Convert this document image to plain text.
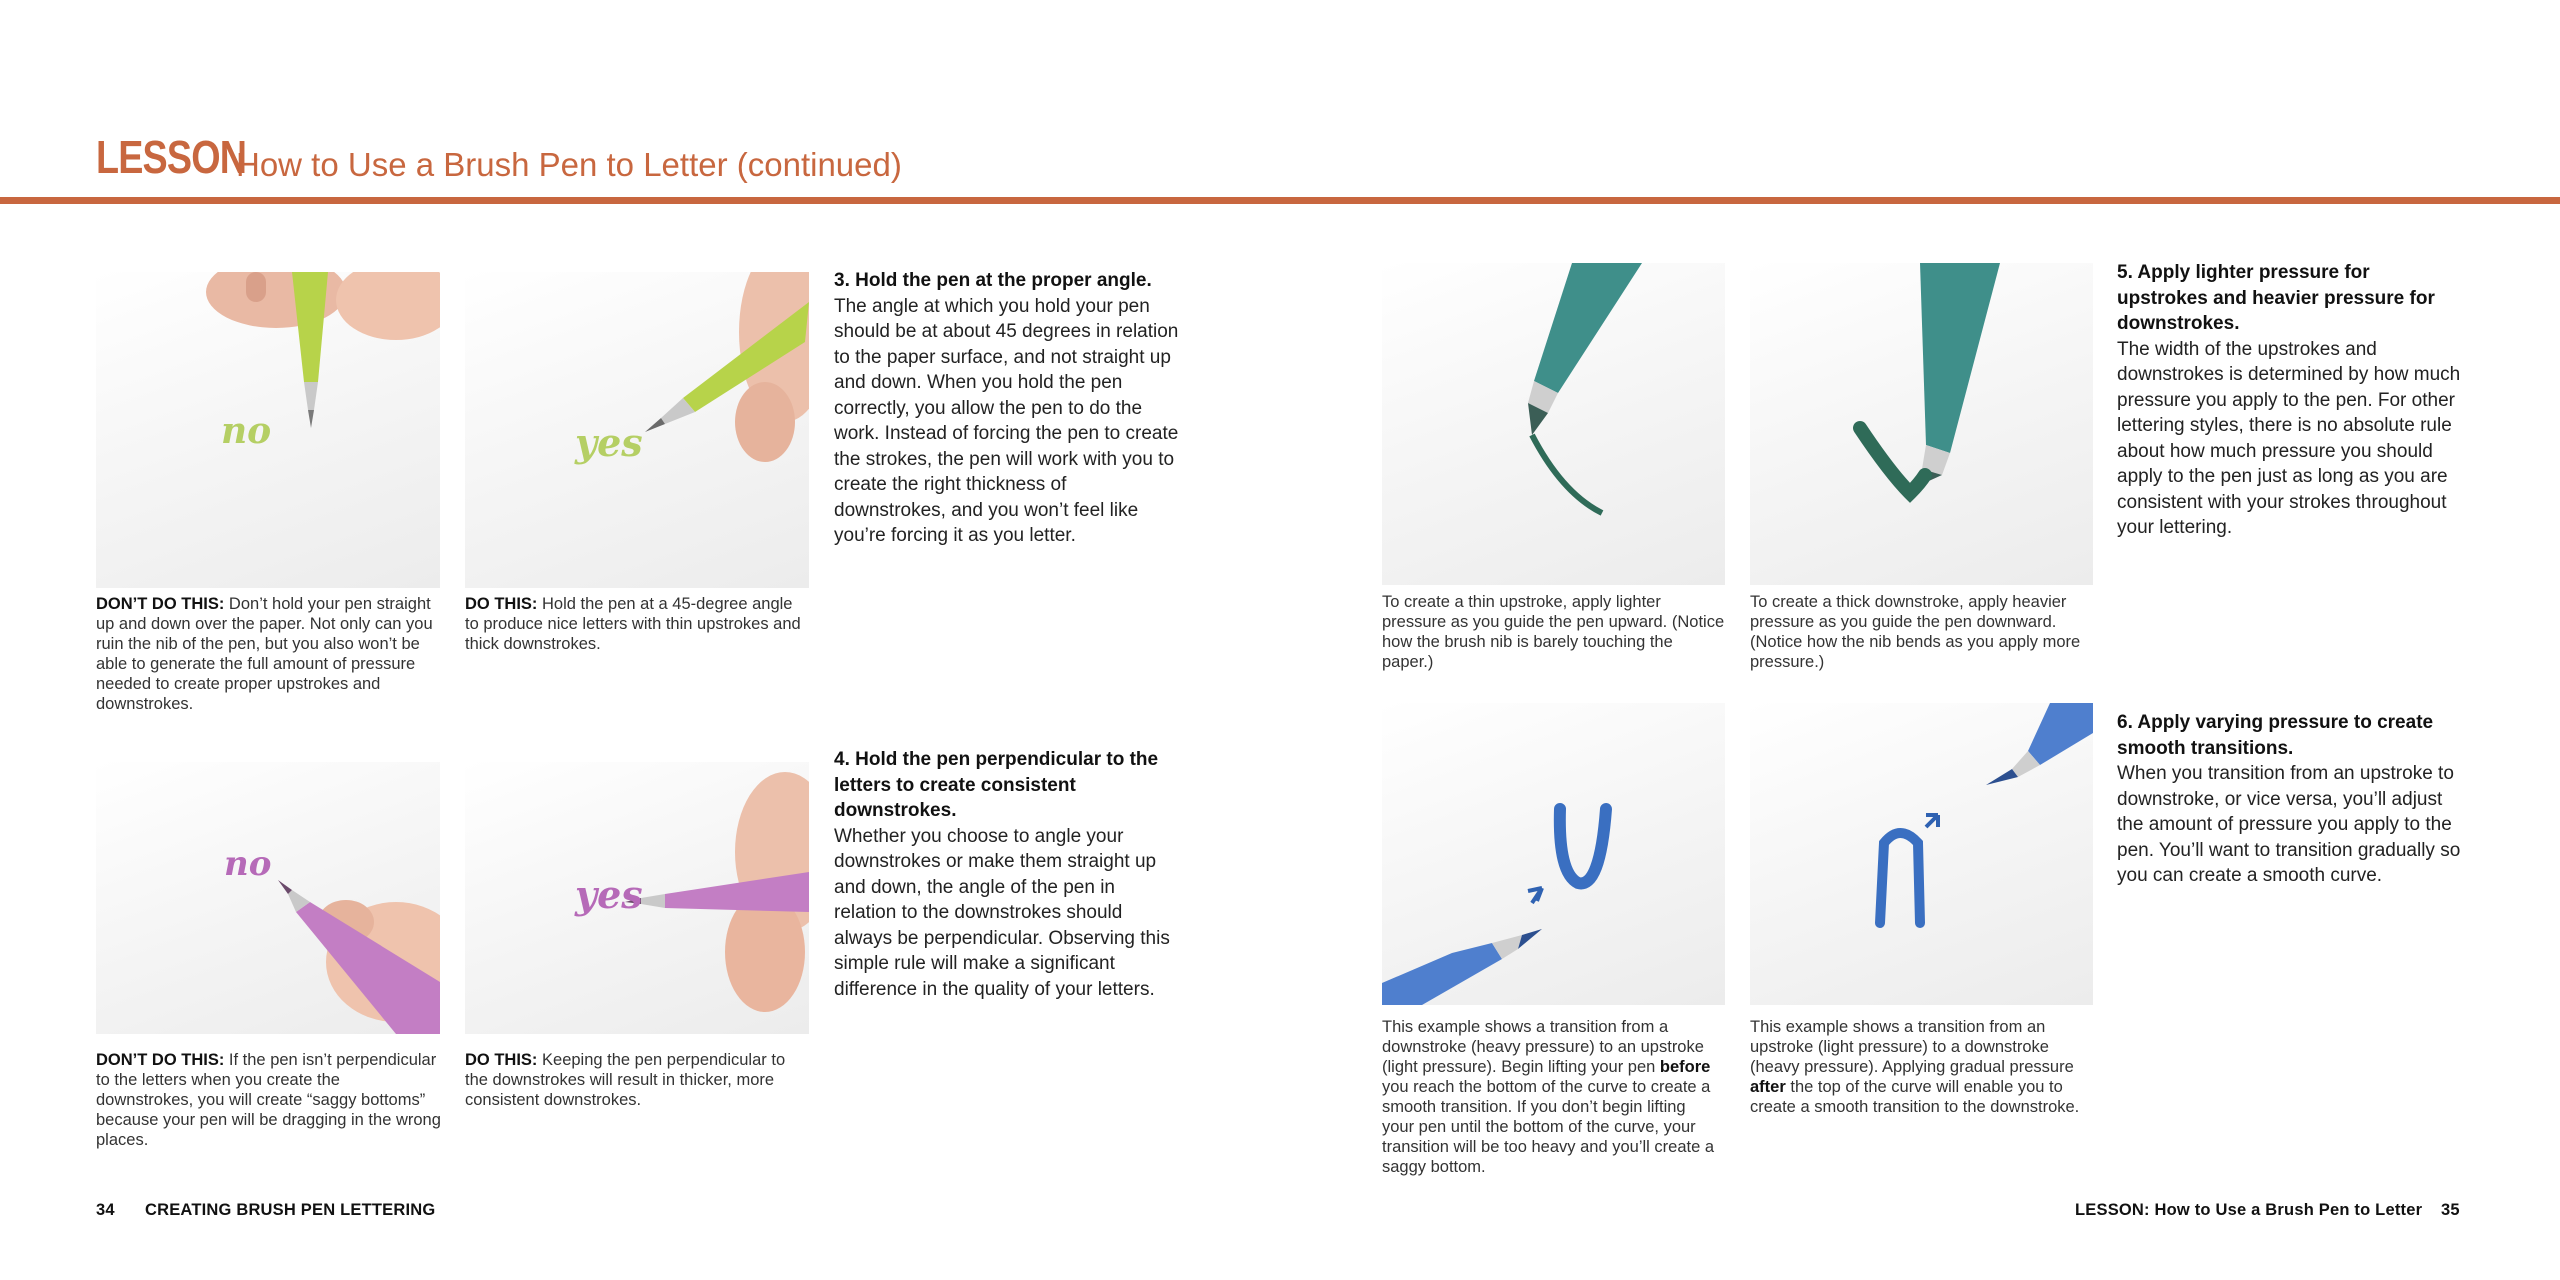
LESSON
How to Use a Brush Pen to Letter (continued)
no	yes
DON’T DO THIS: Don’t hold your pen straight up and down over the paper. Not only can you ruin the nib of the pen, but you also won’t be able to generate the full amount of pressure needed to create proper upstrokes and downstrokes.
DO THIS: Hold the pen at a 45-degree angle to produce nice letters with thin upstrokes and thick downstrokes.
3. Hold the pen at the proper angle.
The angle at which you hold your pen should be at about 45 degrees in relation to the paper surface, and not straight up and down. When you hold the pen correctly, you allow the pen to do the work. Instead of forcing the pen to create the strokes, the pen will work with you to create the right thickness of downstrokes, and you won’t feel like you’re forcing it as you letter.
no
yes
DON’T DO THIS: If the pen isn’t perpendicular to the letters when you create the downstrokes, you will create “saggy bottoms” because your pen will be dragging in the wrong places.
DO THIS: Keeping the pen perpendicular to the downstrokes will result in thicker, more consistent downstrokes.
4. Hold the pen perpendicular to the letters to create consistent downstrokes.
Whether you choose to angle your downstrokes or make them straight up and down, the angle of the pen in relation to the downstrokes should always be perpendicular. Observing this simple rule will make a significant difference in the quality of your letters.
To create a thin upstroke, apply lighter pressure as you guide the pen upward. (Notice how the brush nib is barely touching the paper.)
To create a thick downstroke, apply heavier pressure as you guide the pen downward. (Notice how the nib bends as you apply more pressure.)
5. Apply lighter pressure for upstrokes and heavier pressure for downstrokes.
The width of the upstrokes and downstrokes is determined by how much pressure you apply to the pen. For other lettering styles, there is no absolute rule about how much pressure you should apply to the pen just as long as you are consistent with your strokes throughout your lettering.
This example shows a transition from a downstroke (heavy pressure) to an upstroke (light pressure). Begin lifting your pen before you reach the bottom of the curve to create a smooth transition. If you don’t begin lifting your pen until the bottom of the curve, your transition will be too heavy and you’ll create a saggy bottom.
This example shows a transition from an upstroke (light pressure) to a downstroke (heavy pressure). Applying gradual pressure after the top of the curve will enable you to create a smooth transition to the downstroke.
6. Apply varying pressure to create smooth transitions.
When you transition from an upstroke to downstroke, or vice versa, you’ll adjust the amount of pressure you apply to the pen. You’ll want to transition gradually so you can create a smooth curve.
34 CREATING BRUSH PEN LETTERING	LESSON: How to Use a Brush Pen to Letter 35
